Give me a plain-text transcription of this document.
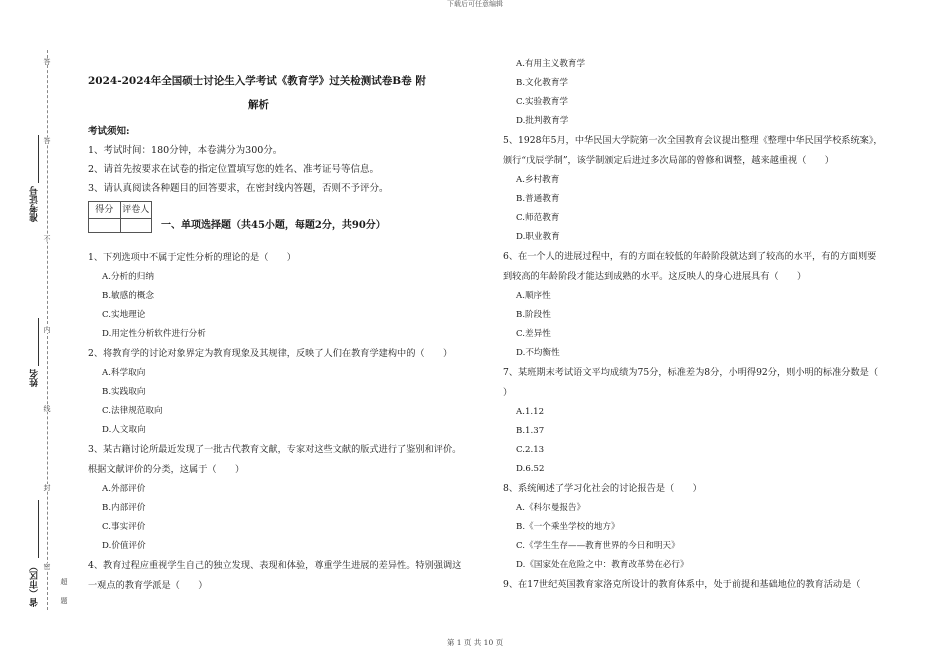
下载后可任意编辑
答
答
不
内
线
封
密
题
超
准考证号
姓名
省（市区）
2024-2024年全国硕士讨论生入学考试《教育学》过关检测试卷B卷 附
解析
考试须知:
1、考试时间：180分钟，本卷满分为300分。
2、请首先按要求在试卷的指定位置填写您的姓名、准考证号等信息。
3、请认真阅读各种题目的回答要求，在密封线内答题，否则不予评分。
得分 评卷人
一、单项选择题（共45小题，每题2分，共90分）
1、下列选项中不属于定性分析的理论的是（　　）
A.分析的归纳
B.敏感的概念
C.实地理论
D.用定性分析软件进行分析
2、将教育学的讨论对象界定为教育现象及其规律，反映了人们在教育学建构中的（　　）
A.科学取向
B.实践取向
C.法律规范取向
D.人文取向
3、某古籍讨论所最近发现了一批古代教育文献，专家对这些文献的版式进行了鉴别和评价。
根据文献评价的分类，这属于（　　）
A.外部评价
B.内部评价
C.事实评价
D.价值评价
4、教育过程应重视学生自己的独立发现、表现和体验，尊重学生进展的差异性。特别强调这
一观点的教育学派是（　　）
A.有用主义教育学
B.文化教育学
C.实验教育学
D.批判教育学
5、1928年5月，中华民国大学院第一次全国教育会议提出整理《整理中华民国学校系统案》，
颁行“戊辰学制”，该学制颁定后进过多次局部的曾修和调整，越来越重视（　　）
A.乡村教育
B.普通教育
C.师范教育
D.职业教育
6、在一个人的进展过程中，有的方面在较低的年龄阶段就达到了较高的水平，有的方面则要
到较高的年龄阶段才能达到成熟的水平。这反映人的身心进展具有（　　）
A.顺序性
B.阶段性
C.差异性
D.不均衡性
7、某班期末考试语文平均成绩为75分，标准差为8分，小明得92分，则小明的标准分数是（
）
A.1.12
B.1.37
C.2.13
D.6.52
8、系统阐述了学习化社会的讨论报告是（　　）
A.《科尔曼报告》
B.《一个乘坐学校的地方》
C.《学生生存——教育世界的今日和明天》
D.《国家处在危险之中：教育改革势在必行》
9、在17世纪英国教育家洛克所设计的教育体系中，处于前提和基础地位的教育活动是（
第 1 页 共 10 页
